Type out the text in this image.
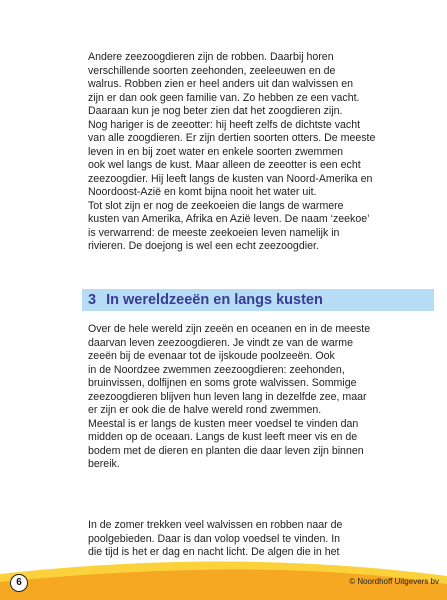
Andere zeezoogdieren zijn de robben. Daarbij horen
verschillende soorten zeehonden, zeeleeuwen en de
walrus. Robben zien er heel anders uit dan walvissen en
zijn er dan ook geen familie van. Zo hebben ze een vacht.
Daaraan kun je nog beter zien dat het zoogdieren zijn.
Nog hariger is de zeeotter: hij heeft zelfs de dichtste vacht
van alle zoogdieren. Er zijn dertien soorten otters. De meeste
leven in en bij zoet water en enkele soorten zwemmen
ook wel langs de kust. Maar alleen de zeeotter is een echt
zeezoogdier. Hij leeft langs de kusten van Noord-Amerika en
Noordoost-Azië en komt bijna nooit het water uit.
Tot slot zijn er nog de zeekoeien die langs de warmere
kusten van Amerika, Afrika en Azië leven. De naam ‘zeekoe’
is verwarrend: de meeste zeekoeien leven namelijk in
rivieren. De doejong is wel een echt zeezoogdier.
3 In wereldzeeën en langs kusten
Over de hele wereld zijn zeeën en oceanen en in de meeste
daarvan leven zeezoogdieren. Je vindt ze van de warme
zeeën bij de evenaar tot de ijskoude poolzeeën. Ook
in de Noordzee zwemmen zeezoogdieren: zeehonden,
bruinvissen, dolfijnen en soms grote walvissen. Sommige
zeezoogdieren blijven hun leven lang in dezelfde zee, maar
er zijn er ook die de halve wereld rond zwemmen.
Meestal is er langs de kusten meer voedsel te vinden dan
midden op de oceaan. Langs de kust leeft meer vis en de
bodem met de dieren en planten die daar leven zijn binnen
bereik.
In de zomer trekken veel walvissen en robben naar de
poolgebieden. Daar is dan volop voedsel te vinden. In
die tijd is het er dag en nacht licht. De algen die in het
6	© Noordhoff Uitgevers bv
